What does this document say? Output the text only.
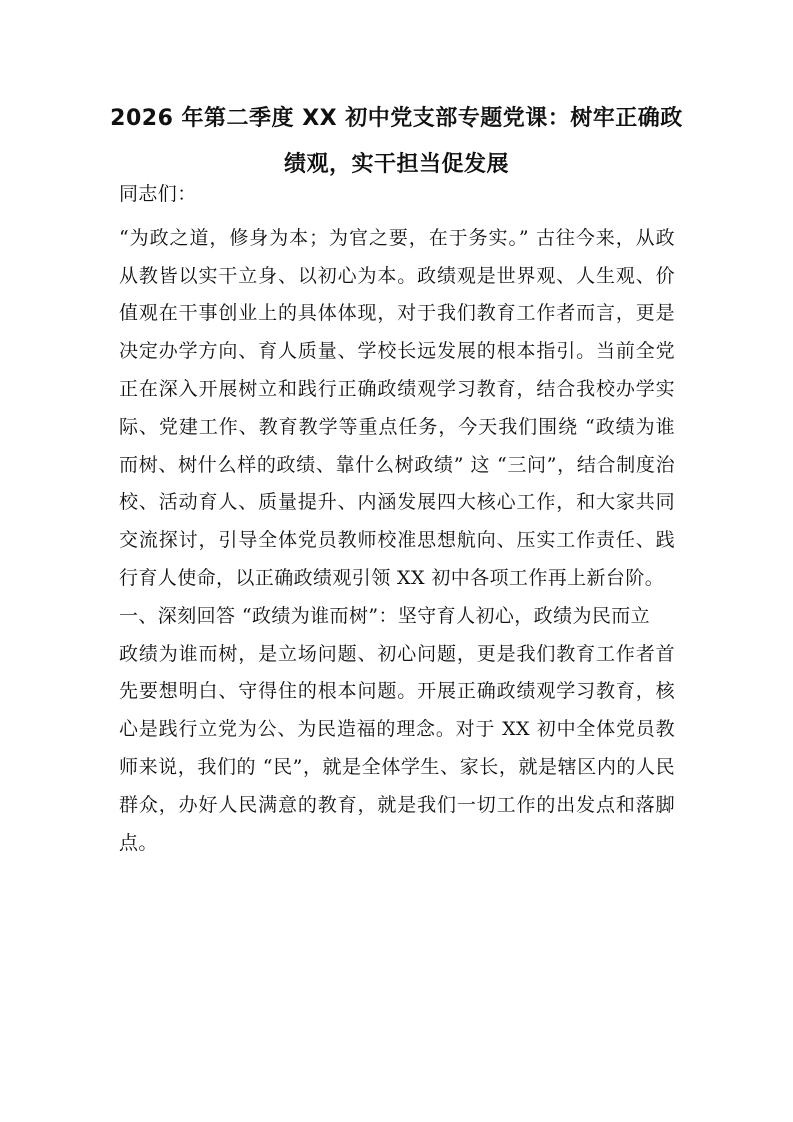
2026 年第二季度 XX 初中党支部专题党课：树牢正确政绩观，实干担当促发展

同志们：

“为政之道，修身为本；为官之要，在于务实。” 古往今来，从政从教皆以实干立身、以初心为本。政绩观是世界观、人生观、价值观在干事创业上的具体体现，对于我们教育工作者而言，更是决定办学方向、育人质量、学校长远发展的根本指引。当前全党正在深入开展树立和践行正确政绩观学习教育，结合我校办学实际、党建工作、教育教学等重点任务，今天我们围绕 “政绩为谁而树、树什么样的政绩、靠什么树政绩” 这 “三问”，结合制度治校、活动育人、质量提升、内涵发展四大核心工作，和大家共同交流探讨，引导全体党员教师校准思想航向、压实工作责任、践行育人使命，以正确政绩观引领 XX 初中各项工作再上新台阶。

一、深刻回答 “政绩为谁而树”：坚守育人初心，政绩为民而立

政绩为谁而树，是立场问题、初心问题，更是我们教育工作者首先要想明白、守得住的根本问题。开展正确政绩观学习教育，核心是践行立党为公、为民造福的理念。对于 XX 初中全体党员教师来说，我们的 “民”，就是全体学生、家长，就是辖区内的人民群众，办好人民满意的教育，就是我们一切工作的出发点和落脚点。
